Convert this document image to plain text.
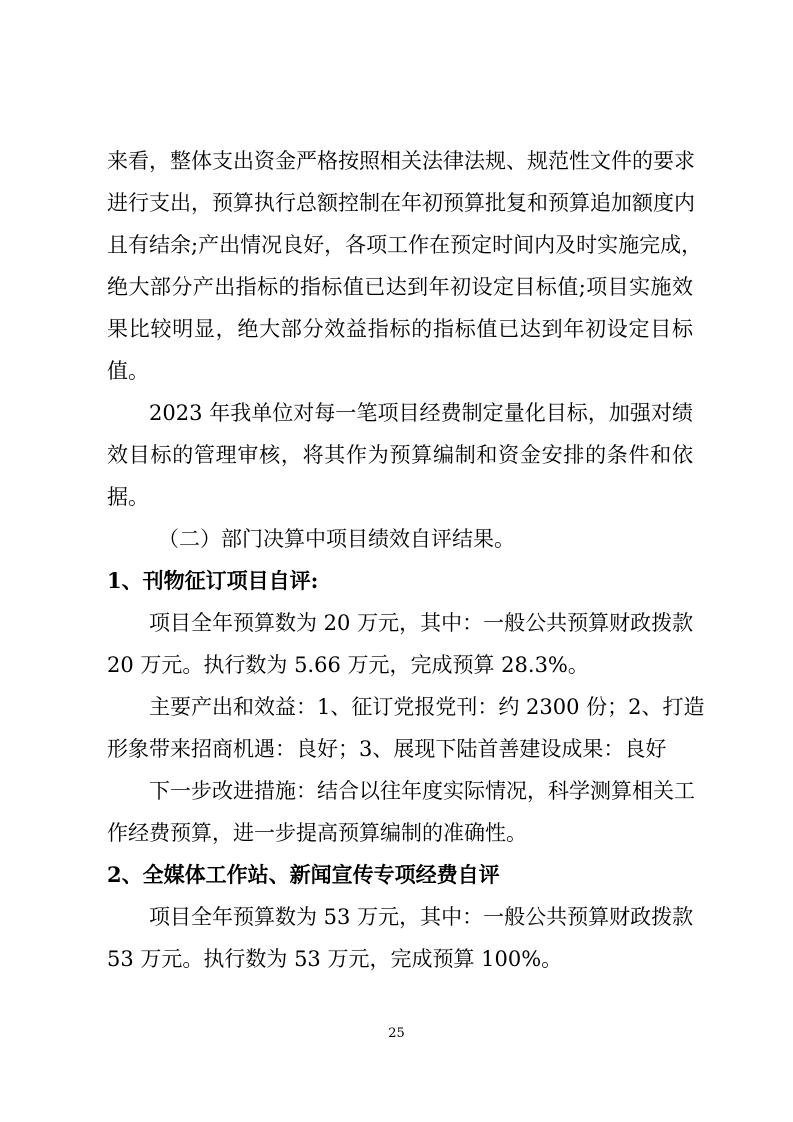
来看，整体支出资金严格按照相关法律法规、规范性文件的要求
进行支出，预算执行总额控制在年初预算批复和预算追加额度内
且有结余;产出情况良好，各项工作在预定时间内及时实施完成，
绝大部分产出指标的指标值已达到年初设定目标值;项目实施效
果比较明显，绝大部分效益指标的指标值已达到年初设定目标
值。
2023 年我单位对每一笔项目经费制定量化目标，加强对绩
效目标的管理审核，将其作为预算编制和资金安排的条件和依
据。
（二）部门决算中项目绩效自评结果。
1、刊物征订项目自评:
项目全年预算数为 20 万元，其中：一般公共预算财政拨款
20 万元。执行数为 5.66 万元，完成预算 28.3%。
主要产出和效益：1、征订党报党刊：约 2300 份；2、打造
形象带来招商机遇：良好；3、展现下陆首善建设成果：良好
下一步改进措施：结合以往年度实际情况，科学测算相关工
作经费预算，进一步提高预算编制的准确性。
2、全媒体工作站、新闻宣传专项经费自评
项目全年预算数为 53 万元，其中：一般公共预算财政拨款
53 万元。执行数为 53 万元，完成预算 100%。
25
